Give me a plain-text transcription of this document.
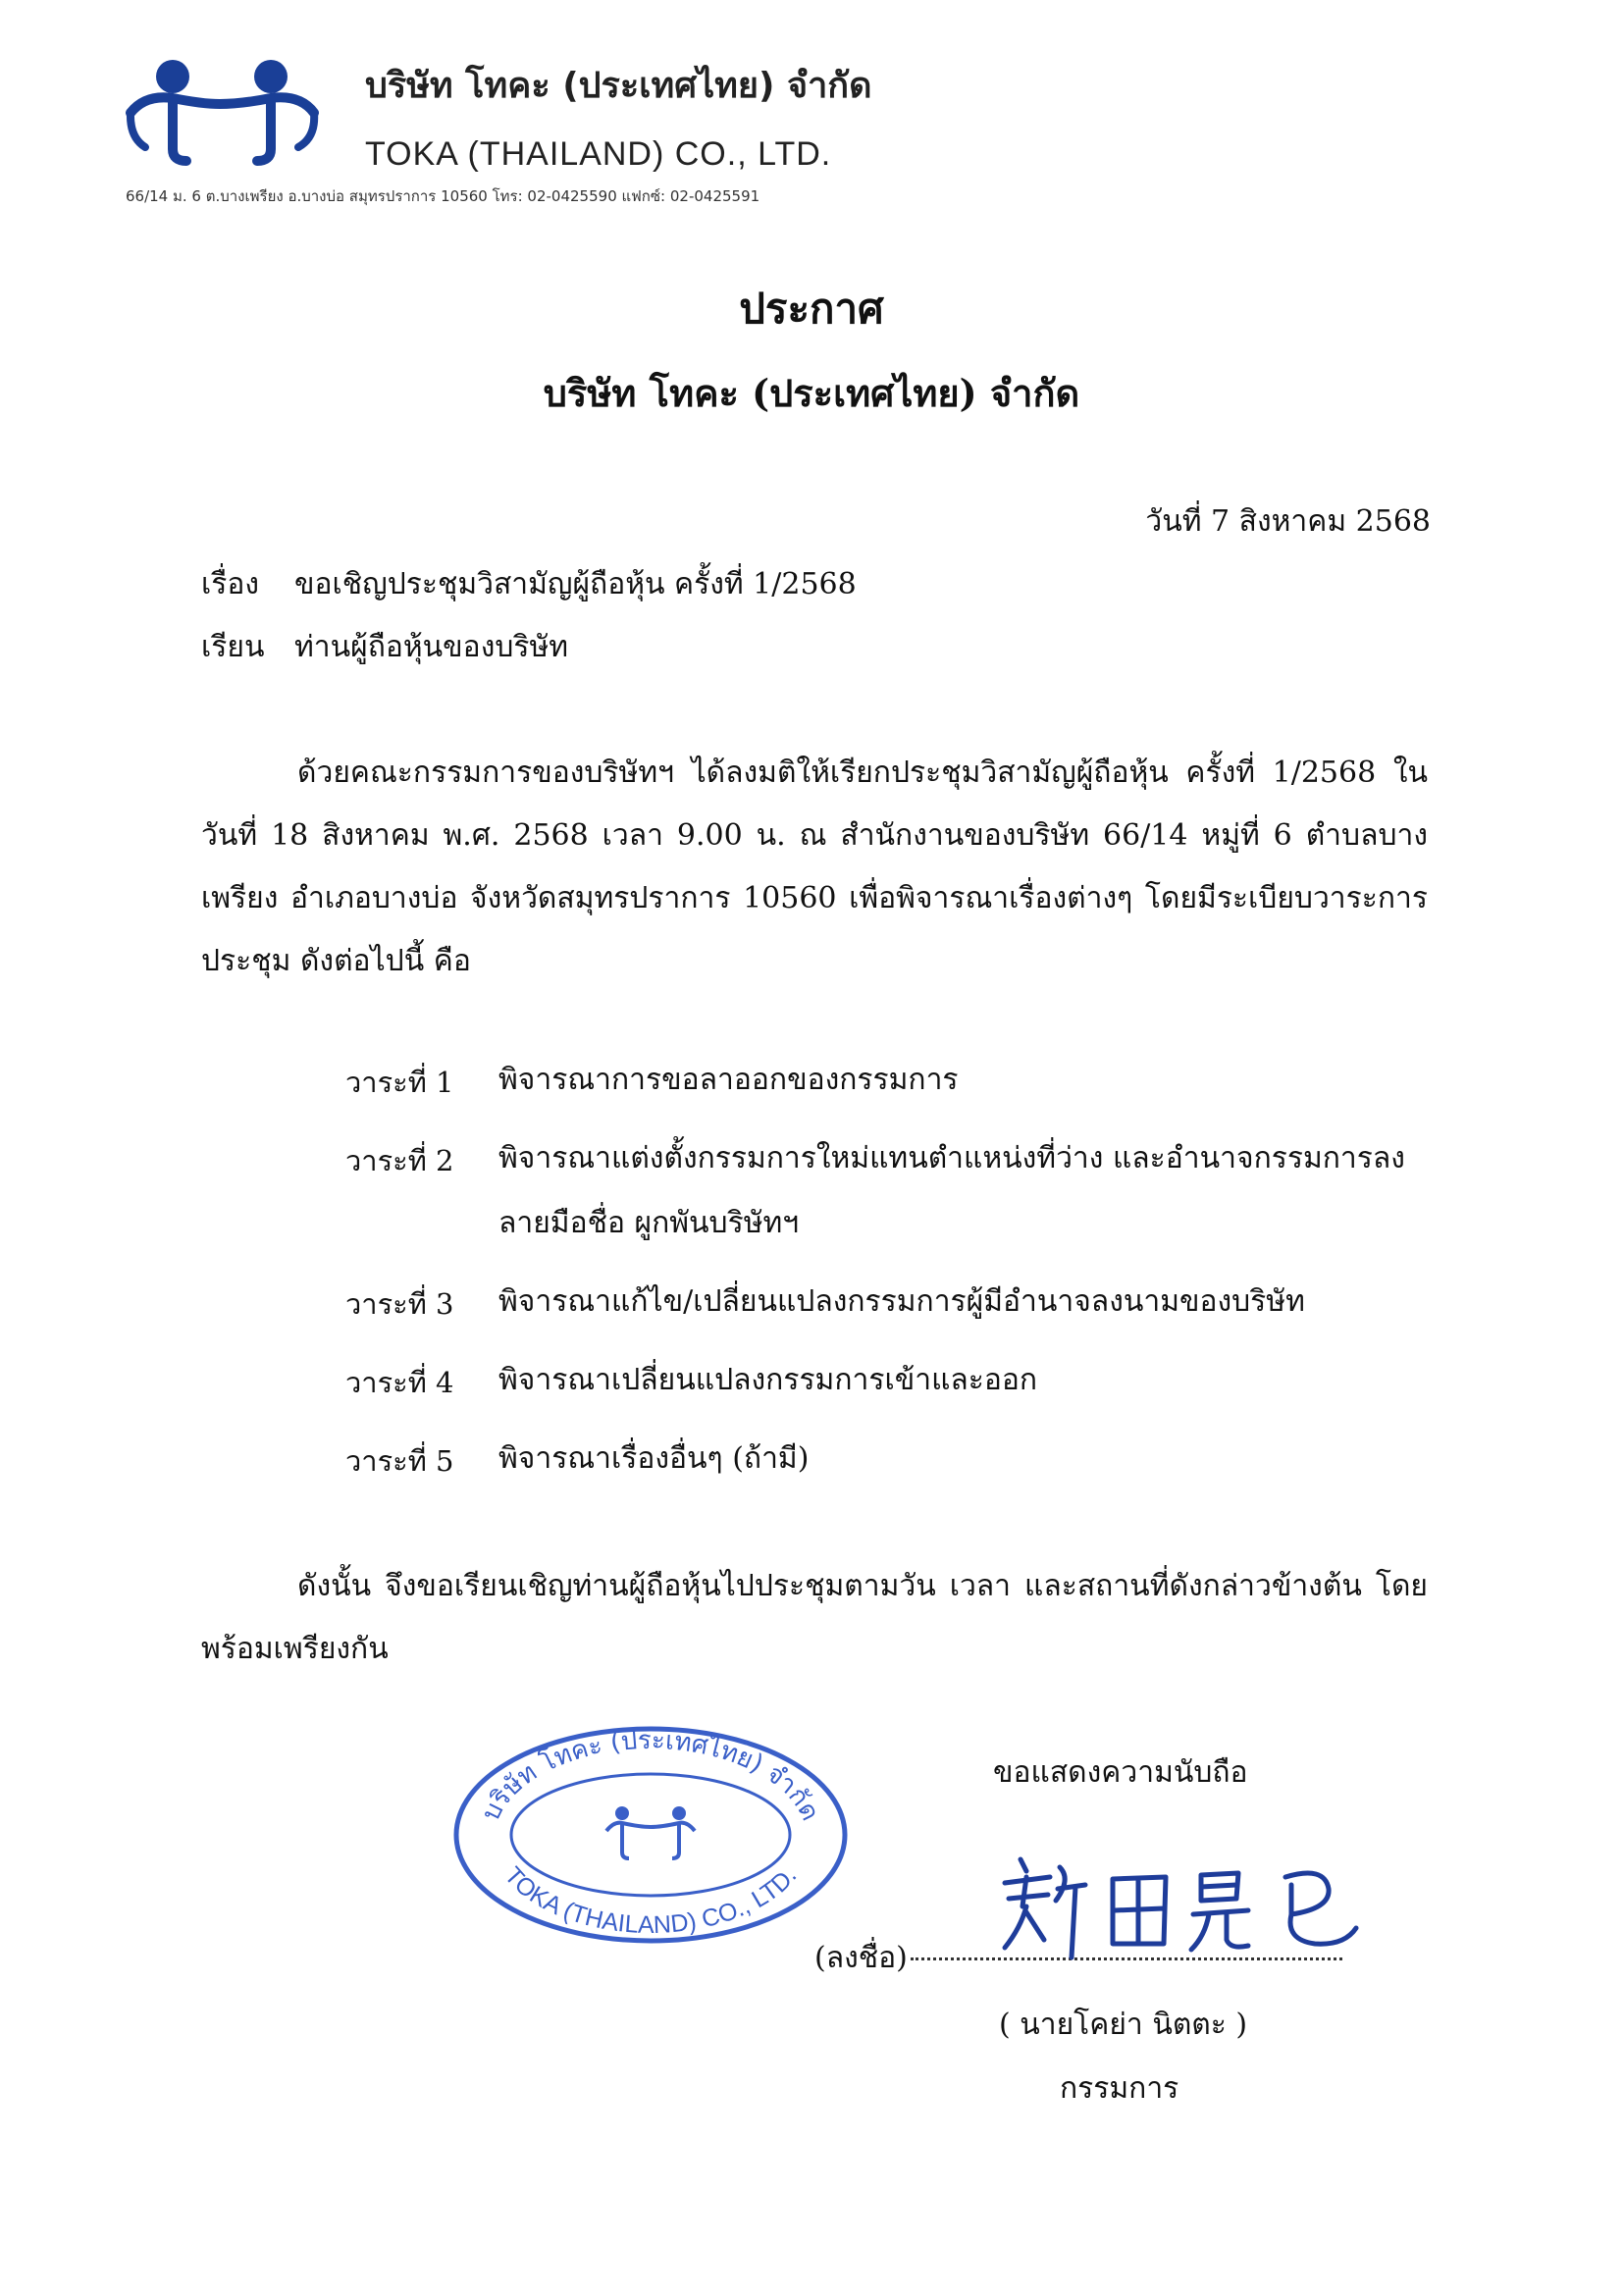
บริษัท โทคะ (ประเทศไทย) จำกัด
TOKA (THAILAND) CO., LTD.
66/14 ม. 6 ต.บางเพรียง อ.บางบ่อ สมุทรปราการ 10560 โทร: 02-0425590 แฟกซ์: 02-0425591
ประกาศ
บริษัท โทคะ (ประเทศไทย) จำกัด
วันที่ 7 สิงหาคม 2568
เรื่อง ขอเชิญประชุมวิสามัญผู้ถือหุ้น ครั้งที่ 1/2568
เรียน ท่านผู้ถือหุ้นของบริษัท
ด้วยคณะกรรมการของบริษัทฯ ได้ลงมติให้เรียกประชุมวิสามัญผู้ถือหุ้น ครั้งที่ 1/2568 ในวันที่ 18 สิงหาคม พ.ศ. 2568 เวลา 9.00 น. ณ สำนักงานของบริษัท 66/14 หมู่ที่ 6 ตำบลบางเพรียง อำเภอบางบ่อ จังหวัดสมุทรปราการ 10560 เพื่อพิจารณาเรื่องต่างๆ โดยมีระเบียบวาระการประชุม ดังต่อไปนี้ คือ
วาระที่ 1 พิจารณาการขอลาออกของกรรมการ
วาระที่ 2 พิจารณาแต่งตั้งกรรมการใหม่แทนตำแหน่งที่ว่าง และอำนาจกรรมการลงลายมือชื่อ ผูกพันบริษัทฯ
วาระที่ 3 พิจารณาแก้ไข/เปลี่ยนแปลงกรรมการผู้มีอำนาจลงนามของบริษัท
วาระที่ 4 พิจารณาเปลี่ยนแปลงกรรมการเข้าและออก
วาระที่ 5 พิจารณาเรื่องอื่นๆ (ถ้ามี)
ดังนั้น จึงขอเรียนเชิญท่านผู้ถือหุ้นไปประชุมตามวัน เวลา และสถานที่ดังกล่าวข้างต้น โดยพร้อมเพรียงกัน
บริษัท โทคะ (ประเทศไทย) จำกัด
TOKA (THAILAND) CO., LTD.
ขอแสดงความนับถือ
(ลงชื่อ)
( นายโคย่า นิตตะ )
กรรมการ
